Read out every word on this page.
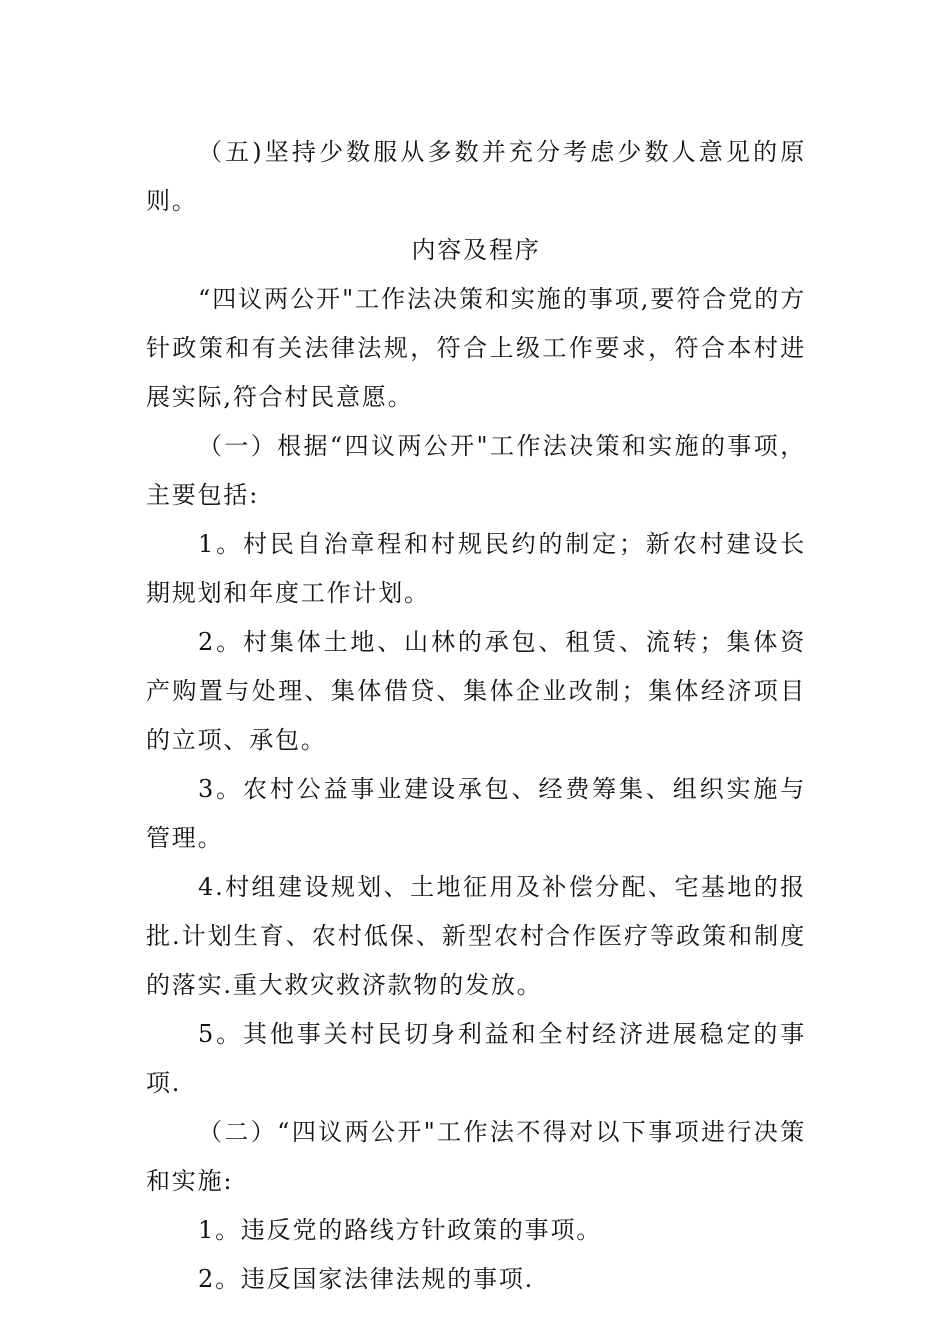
（五)坚持少数服从多数并充分考虑少数人意见的原则。

内容及程序

“四议两公开"工作法决策和实施的事项,要符合党的方针政策和有关法律法规，符合上级工作要求，符合本村进展实际,符合村民意愿。

（一）根据“四议两公开"工作法决策和实施的事项，主要包括:

1。村民自治章程和村规民约的制定；新农村建设长期规划和年度工作计划。

2。村集体土地、山林的承包、租赁、流转；集体资产购置与处理、集体借贷、集体企业改制；集体经济项目的立项、承包。

3。农村公益事业建设承包、经费筹集、组织实施与管理。

4.村组建设规划、土地征用及补偿分配、宅基地的报批.计划生育、农村低保、新型农村合作医疗等政策和制度的落实.重大救灾救济款物的发放。

5。其他事关村民切身利益和全村经济进展稳定的事项.

（二）“四议两公开"工作法不得对以下事项进行决策和实施:

1。违反党的路线方针政策的事项。

2。违反国家法律法规的事项.
